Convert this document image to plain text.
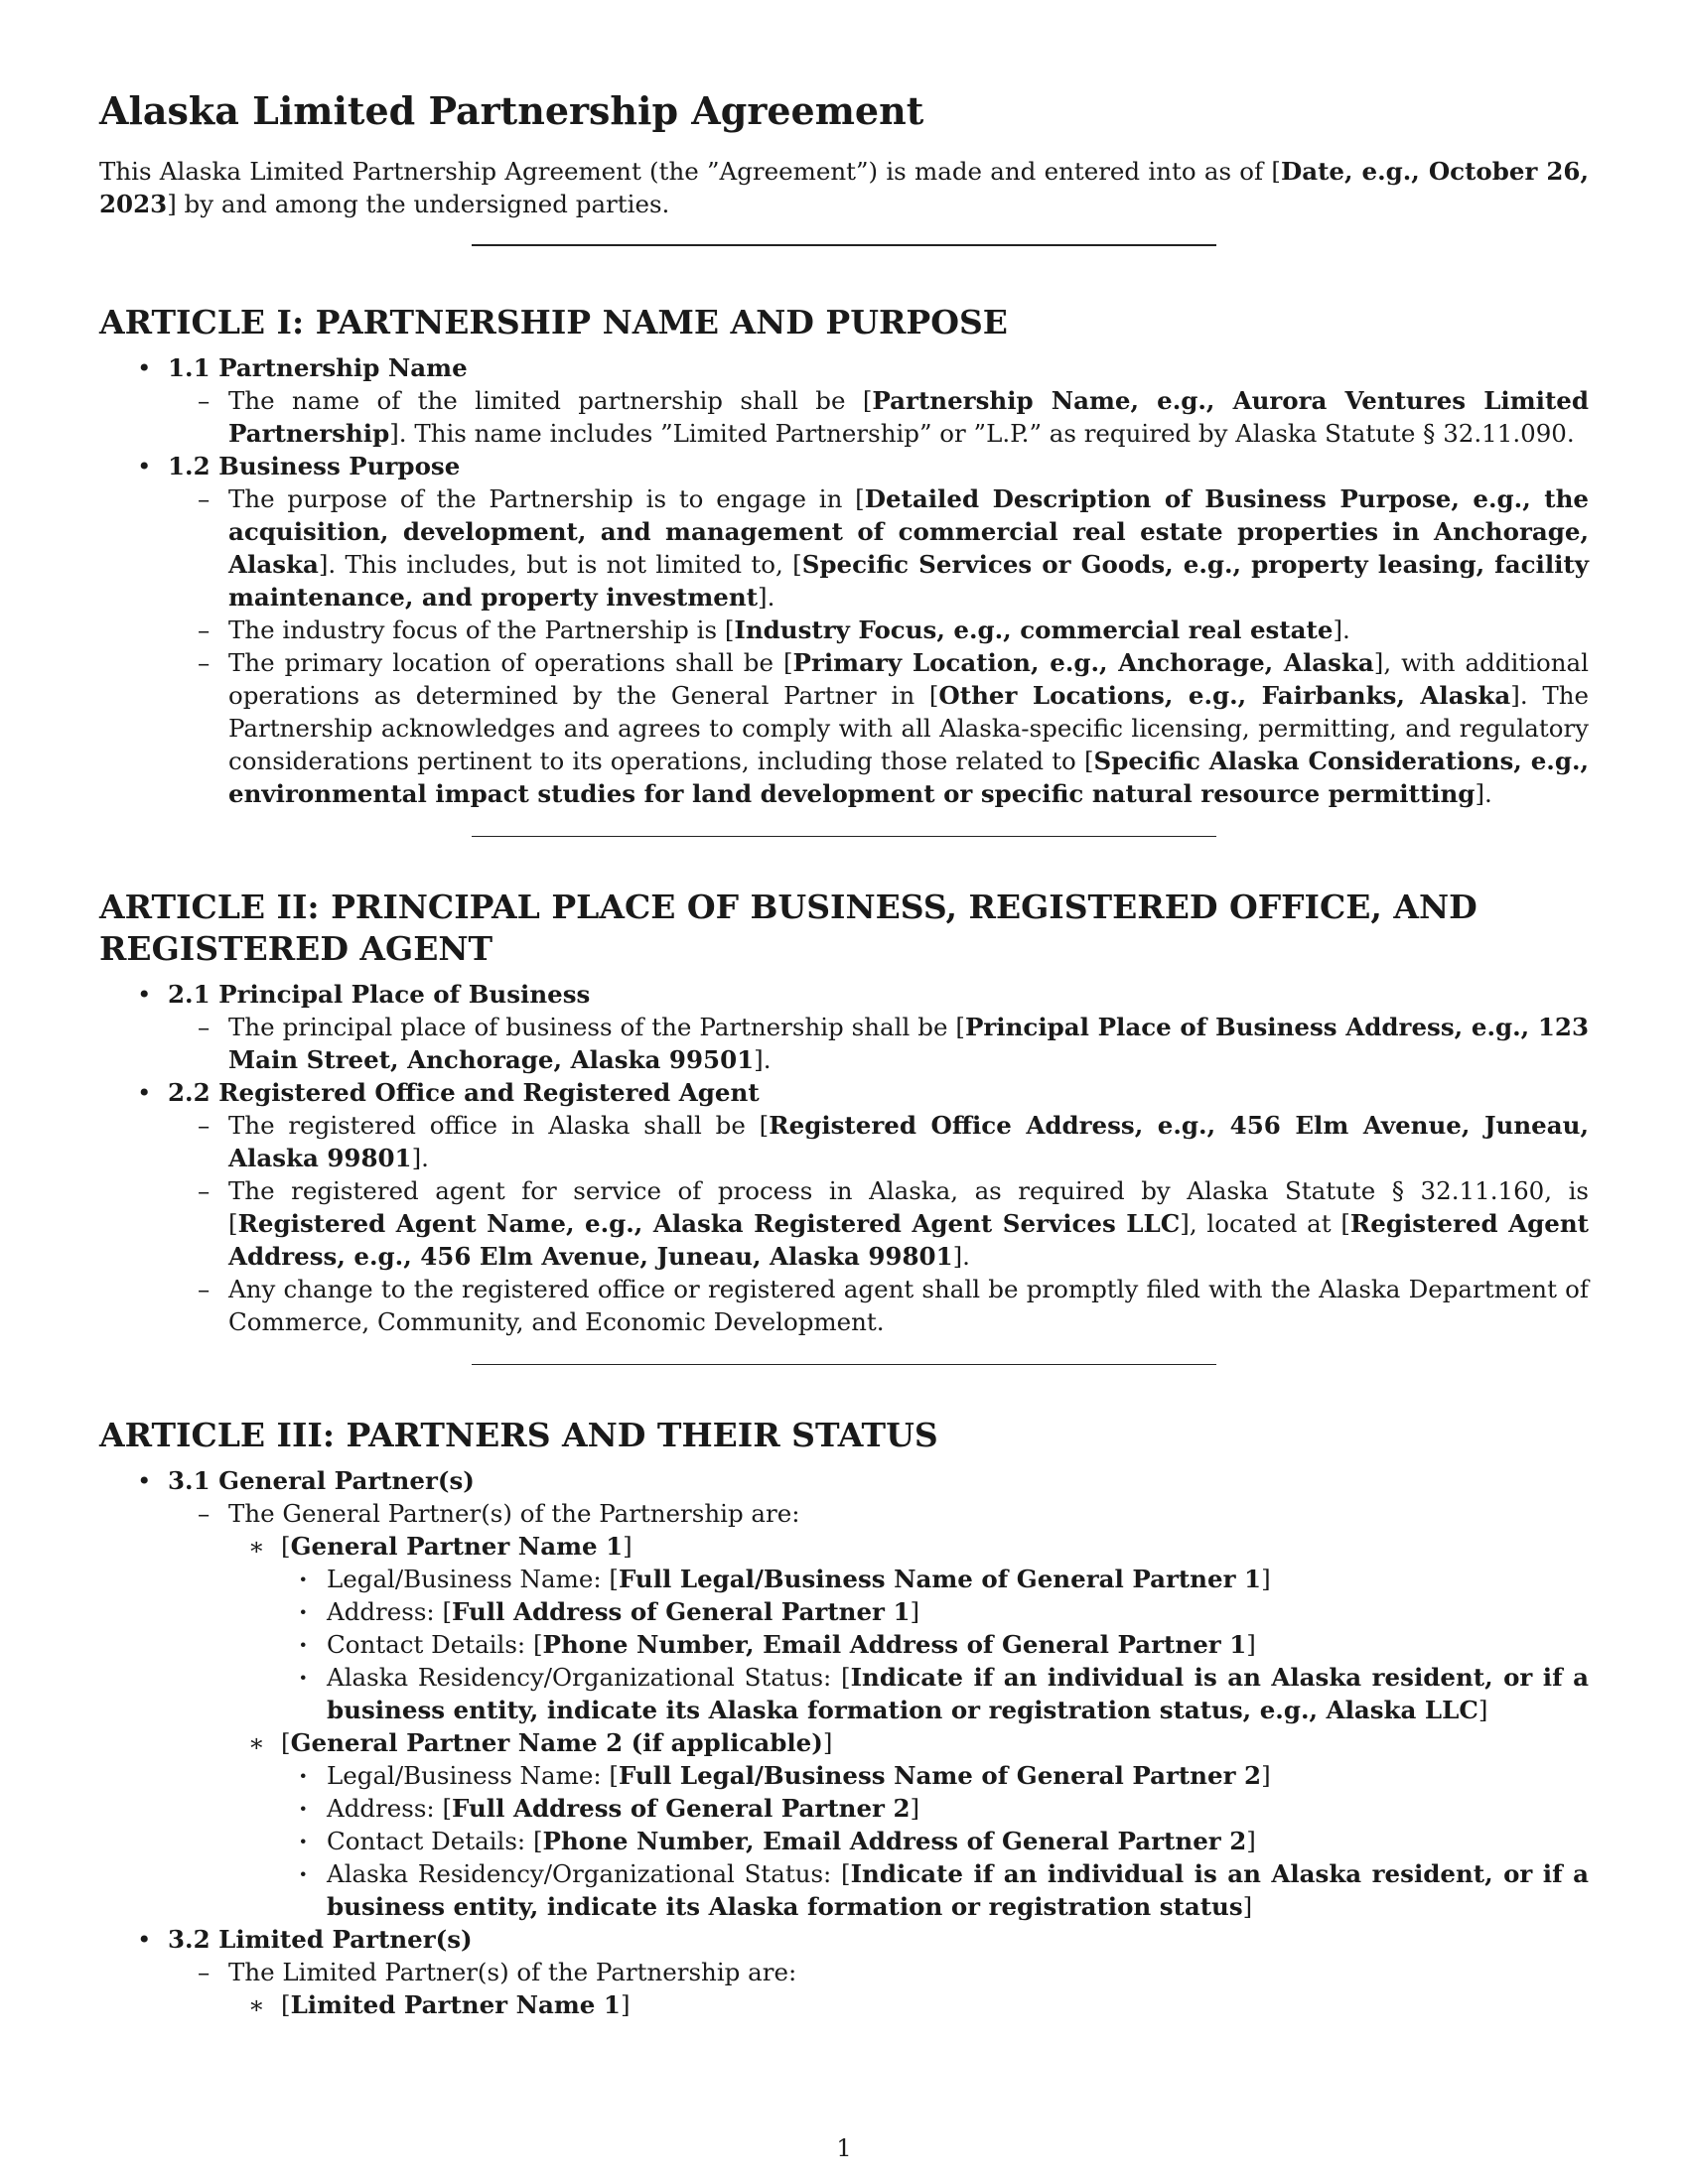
Alaska Limited Partnership Agreement

This Alaska Limited Partnership Agreement (the ”Agreement”) is made and entered into as of [Date, e.g., October 26, 2023] by and among the undersigned parties.

ARTICLE I: PARTNERSHIP NAME AND PURPOSE
• 1.1 Partnership Name
– The name of the limited partnership shall be [Partnership Name, e.g., Aurora Ventures Limited Partnership]. This name includes ”Limited Partnership” or ”L.P.” as required by Alaska Statute § 32.11.090.
• 1.2 Business Purpose
– The purpose of the Partnership is to engage in [Detailed Description of Business Purpose, e.g., the acquisition, development, and management of commercial real estate properties in Anchorage, Alaska]. This includes, but is not limited to, [Specific Services or Goods, e.g., property leasing, facility maintenance, and property investment].
– The industry focus of the Partnership is [Industry Focus, e.g., commercial real estate].
– The primary location of operations shall be [Primary Location, e.g., Anchorage, Alaska], with additional operations as determined by the General Partner in [Other Locations, e.g., Fairbanks, Alaska]. The Partnership acknowledges and agrees to comply with all Alaska-specific licensing, permitting, and regulatory considerations pertinent to its operations, including those related to [Specific Alaska Considerations, e.g., environmental impact studies for land development or specific natural resource permitting].
ARTICLE II: PRINCIPAL PLACE OF BUSINESS, REGISTERED OFFICE, AND REGISTERED AGENT
• 2.1 Principal Place of Business
– The principal place of business of the Partnership shall be [Principal Place of Business Address, e.g., 123 Main Street, Anchorage, Alaska 99501].
• 2.2 Registered Office and Registered Agent
– The registered office in Alaska shall be [Registered Office Address, e.g., 456 Elm Avenue, Juneau, Alaska 99801].
– The registered agent for service of process in Alaska, as required by Alaska Statute § 32.11.160, is [Registered Agent Name, e.g., Alaska Registered Agent Services LLC], located at [Registered Agent Address, e.g., 456 Elm Avenue, Juneau, Alaska 99801].
– Any change to the registered office or registered agent shall be promptly filed with the Alaska Department of Commerce, Community, and Economic Development.
ARTICLE III: PARTNERS AND THEIR STATUS
• 3.1 General Partner(s)
– The General Partner(s) of the Partnership are:
∗ [General Partner Name 1]
· Legal/Business Name: [Full Legal/Business Name of General Partner 1]
· Address: [Full Address of General Partner 1]
· Contact Details: [Phone Number, Email Address of General Partner 1]
· Alaska Residency/Organizational Status: [Indicate if an individual is an Alaska resident, or if a business entity, indicate its Alaska formation or registration status, e.g., Alaska LLC]
∗ [General Partner Name 2 (if applicable)]
· Legal/Business Name: [Full Legal/Business Name of General Partner 2]
· Address: [Full Address of General Partner 2]
· Contact Details: [Phone Number, Email Address of General Partner 2]
· Alaska Residency/Organizational Status: [Indicate if an individual is an Alaska resident, or if a business entity, indicate its Alaska formation or registration status]
• 3.2 Limited Partner(s)
– The Limited Partner(s) of the Partnership are:
∗ [Limited Partner Name 1]
1
